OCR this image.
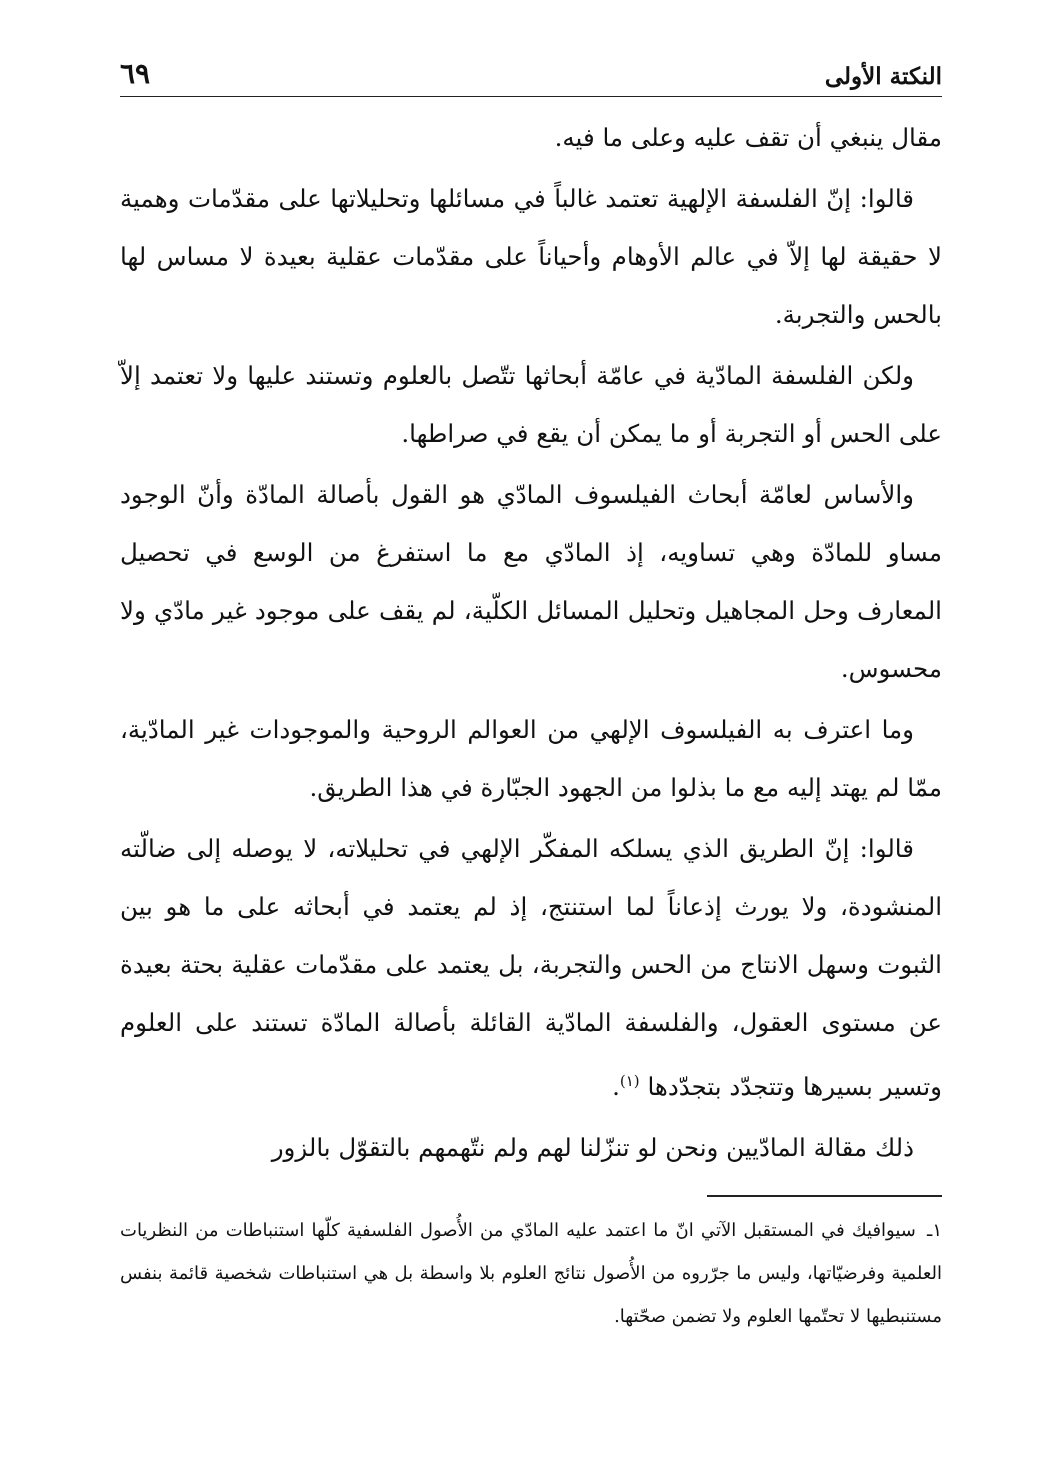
النكتة الأولى
٦٩

مقال ينبغي أن تقف عليه وعلى ما فيه.

قالوا: إنّ الفلسفة الإلهية تعتمد غالباً في مسائلها وتحليلاتها على مقدّمات وهمية لا حقيقة لها إلاّ في عالم الأوهام وأحياناً على مقدّمات عقلية بعيدة لا مساس لها بالحس والتجربة.

ولكن الفلسفة المادّية في عامّة أبحاثها تتّصل بالعلوم وتستند عليها ولا تعتمد إلاّ على الحس أو التجربة أو ما يمكن أن يقع في صراطها.

والأساس لعامّة أبحاث الفيلسوف المادّي هو القول بأصالة المادّة وأنّ الوجود مساو للمادّة وهي تساويه، إذ المادّي مع ما استفرغ من الوسع في تحصيل المعارف وحل المجاهيل وتحليل المسائل الكلّية، لم يقف على موجود غير مادّي ولا محسوس.

وما اعترف به الفيلسوف الإلهي من العوالم الروحية والموجودات غير المادّية، ممّا لم يهتد إليه مع ما بذلوا من الجهود الجبّارة في هذا الطريق.

قالوا: إنّ الطريق الذي يسلكه المفكّر الإلهي في تحليلاته، لا يوصله إلى ضالّته المنشودة، ولا يورث إذعاناً لما استنتج، إذ لم يعتمد في أبحاثه على ما هو بين الثبوت وسهل الانتاج من الحس والتجربة، بل يعتمد على مقدّمات عقلية بحتة بعيدة عن مستوى العقول، والفلسفة المادّية القائلة بأصالة المادّة تستند على العلوم وتسير بسيرها وتتجدّد بتجدّدها $^{(١)}$.

ذلك مقالة المادّيين ونحن لو تنزّلنا لهم ولم نتّهمهم بالتقوّل بالزور

١ـ سيوافيك في المستقبل الآتي انّ ما اعتمد عليه المادّي من الأُصول الفلسفية كلّها استنباطات من النظريات العلمية وفرضيّاتها، وليس ما جرّروه من الأُصول نتائج العلوم بلا واسطة بل هي استنباطات شخصية قائمة بنفس مستنبطيها لا تحتّمها العلوم ولا تضمن صحّتها.
